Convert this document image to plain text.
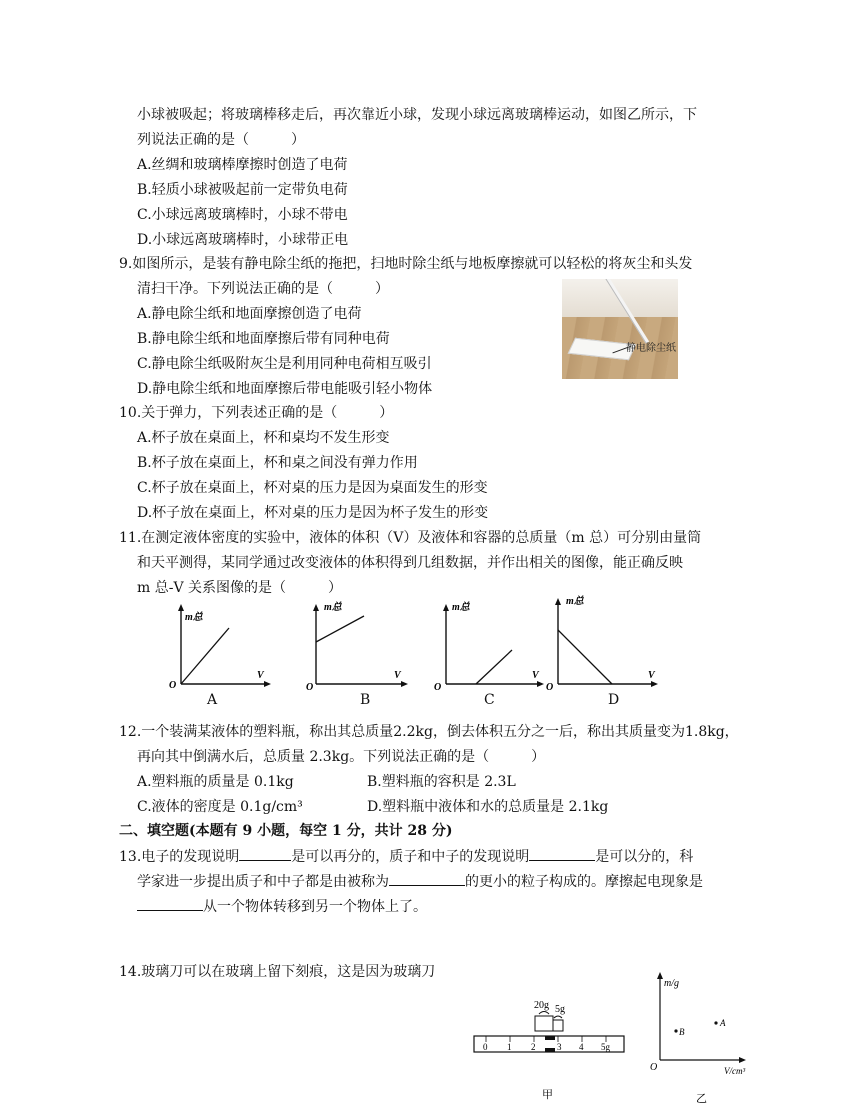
小球被吸起；将玻璃棒移走后，再次靠近小球，发现小球远离玻璃棒运动，如图乙所示，下
列说法正确的是（　　　）
A.丝绸和玻璃棒摩擦时创造了电荷
B.轻质小球被吸起前一定带负电荷
C.小球远离玻璃棒时，小球不带电
D.小球远离玻璃棒时，小球带正电
9.如图所示，是装有静电除尘纸的拖把，扫地时除尘纸与地板摩擦就可以轻松的将灰尘和头发
清扫干净。下列说法正确的是（　　　）
A.静电除尘纸和地面摩擦创造了电荷
B.静电除尘纸和地面摩擦后带有同种电荷
C.静电除尘纸吸附灰尘是利用同种电荷相互吸引
D.静电除尘纸和地面摩擦后带电能吸引轻小物体
静电除尘纸
10.关于弹力，下列表述正确的是（　　　）
A.杯子放在桌面上，杯和桌均不发生形变
B.杯子放在桌面上，杯和桌之间没有弹力作用
C.杯子放在桌面上，杯对桌的压力是因为桌面发生的形变
D.杯子放在桌面上，杯对桌的压力是因为杯子发生的形变
11.在测定液体密度的实验中，液体的体积（V）及液体和容器的总质量（m 总）可分别由量筒
和天平测得，某同学通过改变液体的体积得到几组数据，并作出相关的图像，能正确反映
m 总-V 关系图像的是（　　　）
m总
V
O
A
m总
V
O
B
m总
V
O
C
m总
V
O
D
12.一个装满某液体的塑料瓶，称出其总质量2.2kg，倒去体积五分之一后，称出其质量变为1.8kg，
再向其中倒满水后，总质量 2.3kg。下列说法正确的是（　　　）
A.塑料瓶的质量是 0.1kg	B.塑料瓶的容积是 2.3L
C.液体的密度是 0.1g/cm³	D.塑料瓶中液体和水的总质量是 2.1kg
二、填空题(本题有 9 小题，每空 1 分，共计 28 分)
13.电子的发现说明	是可以再分的，质子和中子的发现说明	是可以分的，科
学家进一步提出质子和中子都是由被称为	的更小的粒子构成的。摩擦起电现象是
从一个物体转移到另一个物体上了。
14.玻璃刀可以在玻璃上留下刻痕，这是因为玻璃刀
20g 5g
0 1 2 3 4 5g
甲
m/g
V/cm³
O
A
B
乙
